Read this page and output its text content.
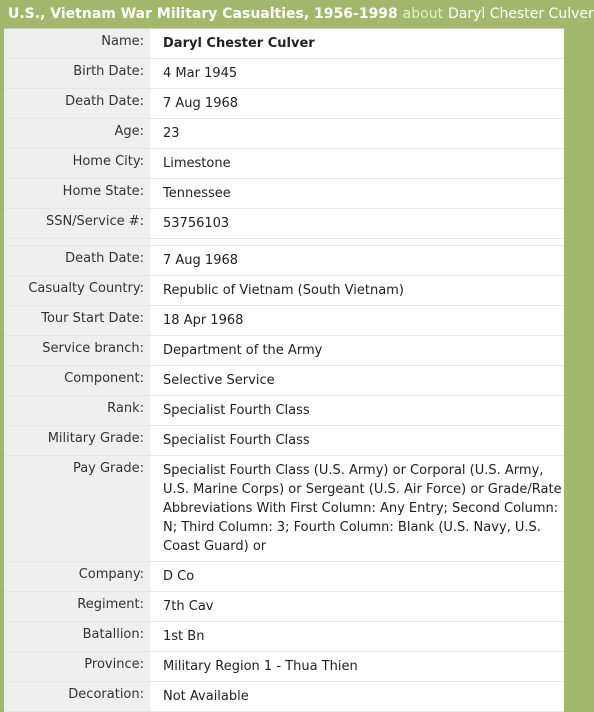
U.S., Vietnam War Military Casualties, 1956-1998 about Daryl Chester Culver
Name:	Daryl Chester Culver
Birth Date:	4 Mar 1945
Death Date:	7 Aug 1968
Age:	23
Home City:	Limestone
Home State:	Tennessee
SSN/Service #:	53756103

Death Date:	7 Aug 1968
Casualty Country:	Republic of Vietnam (South Vietnam)
Tour Start Date:	18 Apr 1968
Service branch:	Department of the Army
Component:	Selective Service
Rank:	Specialist Fourth Class
Military Grade:	Specialist Fourth Class
Pay Grade:	Specialist Fourth Class (U.S. Army) or Corporal (U.S. Army, U.S. Marine Corps) or Sergeant (U.S. Air Force) or Grade/Rate Abbreviations With First Column: Any Entry; Second Column: N; Third Column: 3; Fourth Column: Blank (U.S. Navy, U.S. Coast Guard) or
Company:	D Co
Regiment:	7th Cav
Batallion:	1st Bn
Province:	Military Region 1 - Thua Thien
Decoration:	Not Available
